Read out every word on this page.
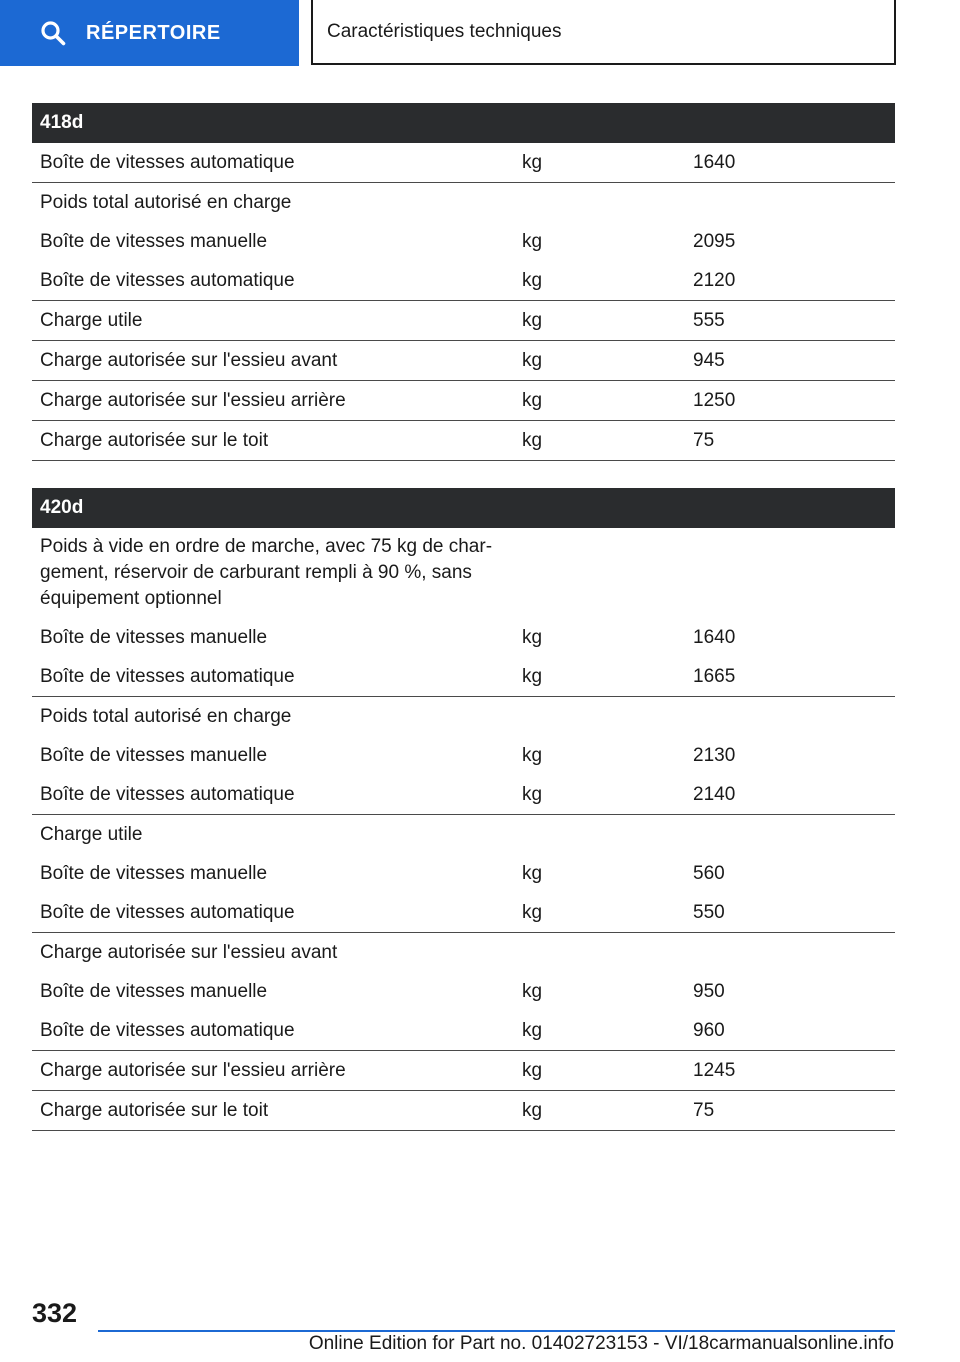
RÉPERTOIRE	Caractéristiques techniques
418d		
Boîte de vitesses automatique	kg	1640
Poids total autorisé en charge		
Boîte de vitesses manuelle	kg	2095
Boîte de vitesses automatique	kg	2120
Charge utile	kg	555
Charge autorisée sur l'essieu avant	kg	945
Charge autorisée sur l'essieu arrière	kg	1250
Charge autorisée sur le toit	kg	75
420d		
Poids à vide en ordre de marche, avec 75 kg de char‐ gement, réservoir de carburant rempli à 90 %, sans équipement optionnel		
Boîte de vitesses manuelle	kg	1640
Boîte de vitesses automatique	kg	1665
Poids total autorisé en charge		
Boîte de vitesses manuelle	kg	2130
Boîte de vitesses automatique	kg	2140
Charge utile		
Boîte de vitesses manuelle	kg	560
Boîte de vitesses automatique	kg	550
Charge autorisée sur l'essieu avant		
Boîte de vitesses manuelle	kg	950
Boîte de vitesses automatique	kg	960
Charge autorisée sur l'essieu arrière	kg	1245
Charge autorisée sur le toit	kg	75
332
Online Edition for Part no. 01402723153 - VI/18carmanualsonline.info
